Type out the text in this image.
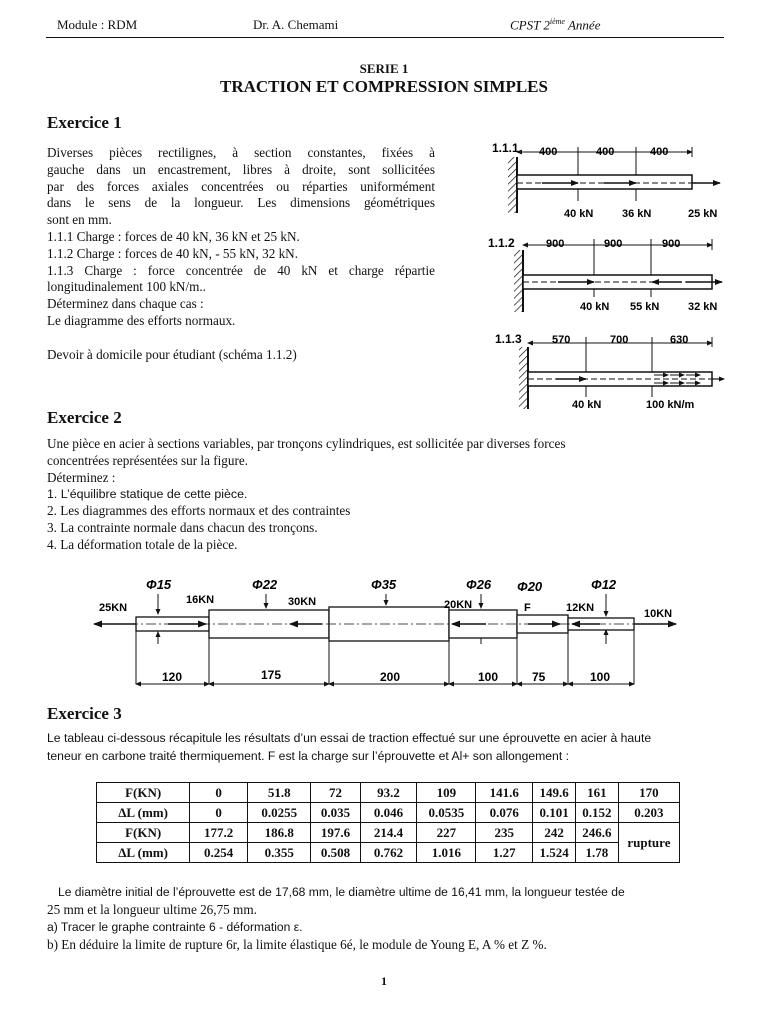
Module : RDM	Dr. A. Chemami	CPST 2ième Année
SERIE 1
TRACTION ET COMPRESSION SIMPLES
Exercice 1
Diverses pièces rectilignes, à section constantes, fixées à
gauche dans un encastrement, libres à droite, sont sollicitées
par des forces axiales concentrées ou réparties uniformément
dans le sens de la longueur. Les dimensions géométriques
sont en mm.
1.1.1 Charge : forces de 40 kN, 36 kN et 25 kN.
1.1.2 Charge : forces de 40 kN, - 55 kN, 32 kN.
1.1.3 Charge : force concentrée de 40 kN et charge répartie
longitudinalement 100 kN/m..
Déterminez dans chaque cas :
Le diagramme des efforts normaux.
Devoir à domicile pour étudiant (schéma 1.1.2)
1.1.1 400	400	400
40 kN	36 kN	25 kN
1.1.2	900	900	900
40 kN 55 kN	32 kN
1.1.3	570	700	630
40 kN	100 kN/m
Exercice 2
Une pièce en acier à sections variables, par tronçons cylindriques, est sollicitée par diverses forces
concentrées représentées sur la figure.
Déterminez :
1. L’équilibre statique de cette pièce.
2. Les diagrammes des efforts normaux et des contraintes
3. La contrainte normale dans chacun des tronçons.
4. La déformation totale de la pièce.
Φ15	Φ22	Φ35	Φ26 Φ20	Φ12
25KN
16KN	30KN	20KN	F	12KN	10KN
120	175	200	100	75	100
Exercice 3
Le tableau ci-dessous récapitule les résultats d’un essai de traction effectué sur une éprouvette en acier à haute
teneur en carbone traité thermiquement. F est la charge sur l’éprouvette et Al+ son allongement :
F(KN)	0	51.8	72	93.2	109	141.6	149.6	161	170
ΔL (mm)	0	0.0255	0.035	0.046	0.0535	0.076	0.101	0.152	0.203
F(KN)	177.2	186.8	197.6	214.4	227	235	242	246.6	rupture
ΔL (mm)	0.254	0.355	0.508	0.762	1.016	1.27	1.524	1.78	
Le diamètre initial de l’éprouvette est de 17,68 mm, le diamètre ultime de 16,41 mm, la longueur testée de
25 mm et la longueur ultime 26,75 mm.
a) Tracer le graphe contrainte 6 - déformation ε.
b) En déduire la limite de rupture 6r, la limite élastique 6é, le module de Young E, A % et Z %.
1
